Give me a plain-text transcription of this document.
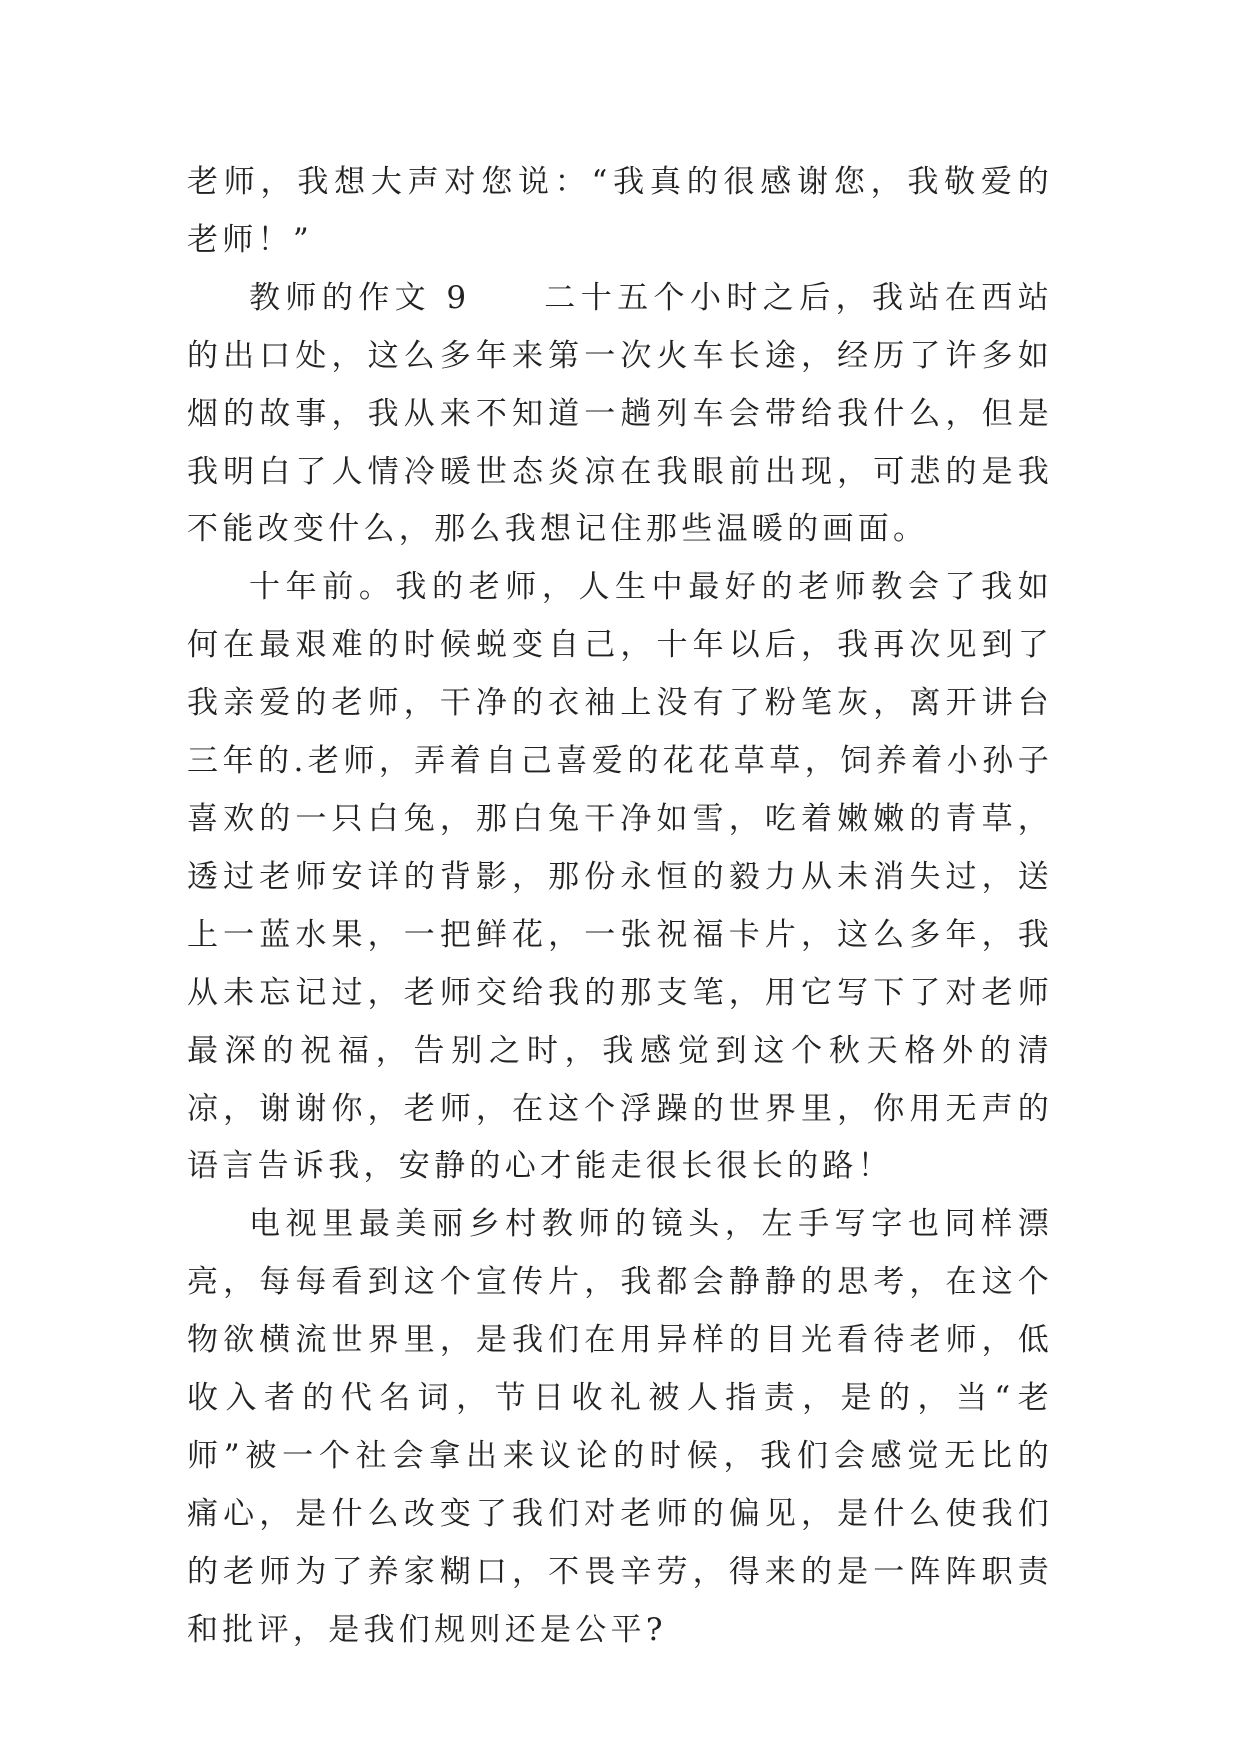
老师，我想大声对您说：“我真的很感谢您，我敬爱的老师！”

教师的作文 9　　二十五个小时之后，我站在西站的出口处，这么多年来第一次火车长途，经历了许多如烟的故事，我从来不知道一趟列车会带给我什么，但是我明白了人情冷暖世态炎凉在我眼前出现，可悲的是我不能改变什么，那么我想记住那些温暖的画面。

十年前。我的老师，人生中最好的老师教会了我如何在最艰难的时候蜕变自己，十年以后，我再次见到了我亲爱的老师，干净的衣袖上没有了粉笔灰，离开讲台三年的.老师，弄着自己喜爱的花花草草，饲养着小孙子喜欢的一只白兔，那白兔干净如雪，吃着嫩嫩的青草，透过老师安详的背影，那份永恒的毅力从未消失过，送上一蓝水果，一把鲜花，一张祝福卡片，这么多年，我从未忘记过，老师交给我的那支笔，用它写下了对老师最深的祝福，告别之时，我感觉到这个秋天格外的清凉，谢谢你，老师，在这个浮躁的世界里，你用无声的语言告诉我，安静的心才能走很长很长的路！

电视里最美丽乡村教师的镜头，左手写字也同样漂亮，每每看到这个宣传片，我都会静静的思考，在这个物欲横流世界里，是我们在用异样的目光看待老师，低收入者的代名词，节日收礼被人指责，是的，当“老师”被一个社会拿出来议论的时候，我们会感觉无比的痛心，是什么改变了我们对老师的偏见，是什么使我们的老师为了养家糊口，不畏辛劳，得来的是一阵阵职责和批评，是我们规则还是公平?
